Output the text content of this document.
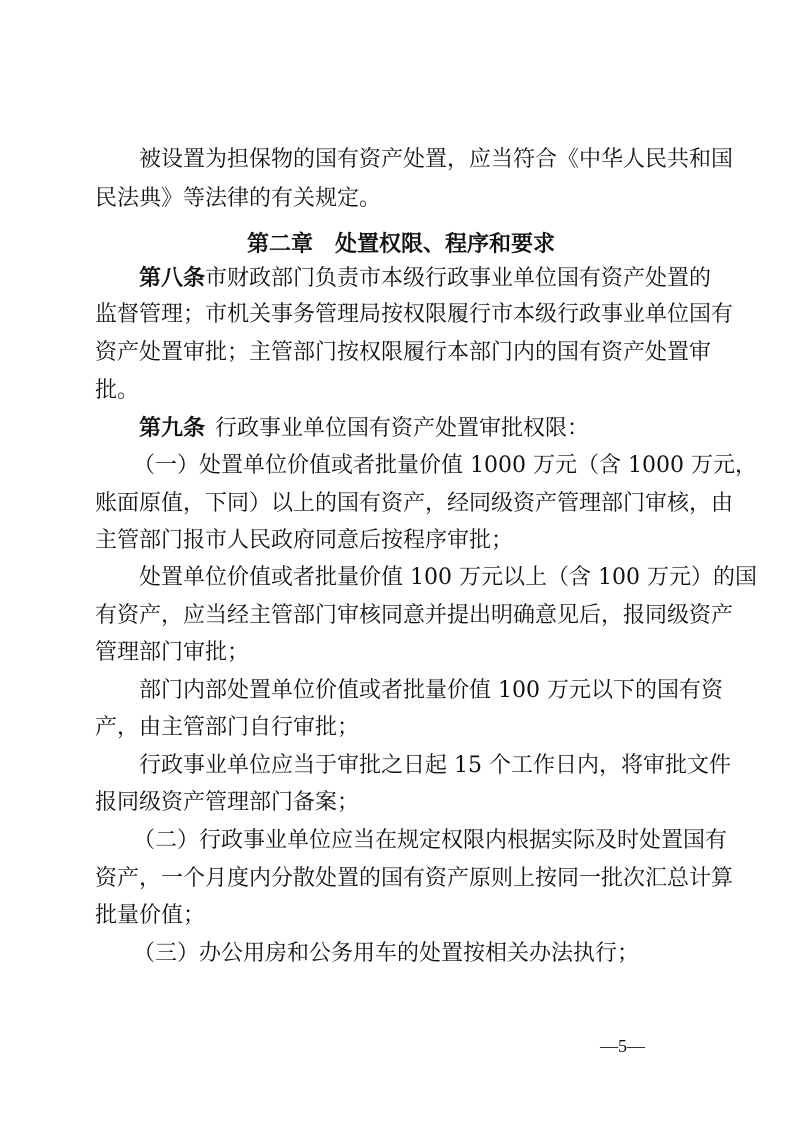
被设置为担保物的国有资产处置，应当符合《中华人民共和国
民法典》等法律的有关规定。
第二章　处置权限、程序和要求
第八条市财政部门负责市本级行政事业单位国有资产处置的
监督管理；市机关事务管理局按权限履行市本级行政事业单位国有
资产处置审批；主管部门按权限履行本部门内的国有资产处置审
批。
第九条 行政事业单位国有资产处置审批权限：
（一）处置单位价值或者批量价值 1000 万元（含 1000 万元，
账面原值，下同）以上的国有资产，经同级资产管理部门审核，由
主管部门报市人民政府同意后按程序审批；
处置单位价值或者批量价值 100 万元以上（含 100 万元）的国
有资产，应当经主管部门审核同意并提出明确意见后，报同级资产
管理部门审批；
部门内部处置单位价值或者批量价值 100 万元以下的国有资
产，由主管部门自行审批；
行政事业单位应当于审批之日起 15 个工作日内，将审批文件
报同级资产管理部门备案；
（二）行政事业单位应当在规定权限内根据实际及时处置国有
资产，一个月度内分散处置的国有资产原则上按同一批次汇总计算
批量价值；
（三）办公用房和公务用车的处置按相关办法执行；
—5—
